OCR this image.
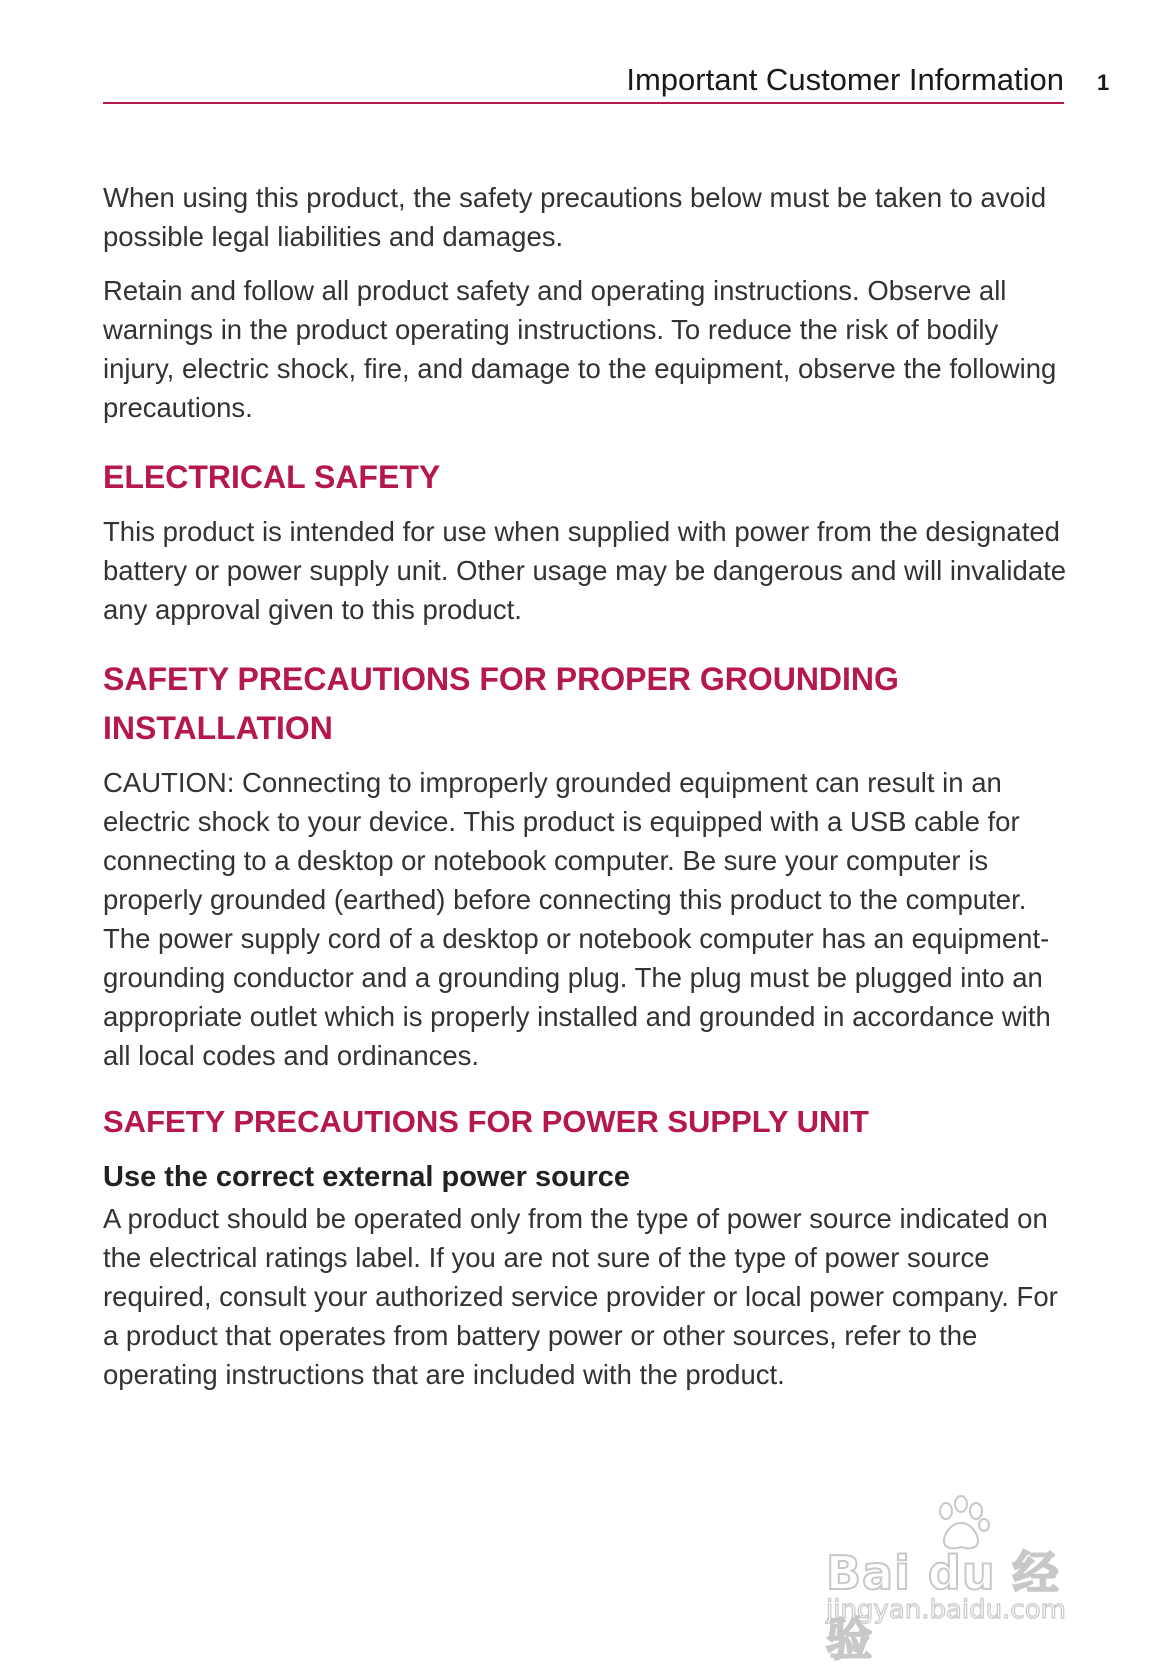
Important Customer Information 1

When using this product, the safety precautions below must be taken to avoid possible legal liabilities and damages.

Retain and follow all product safety and operating instructions. Observe all warnings in the product operating instructions. To reduce the risk of bodily injury, electric shock, fire, and damage to the equipment, observe the following precautions.

ELECTRICAL SAFETY

This product is intended for use when supplied with power from the designated battery or power supply unit. Other usage may be dangerous and will invalidate any approval given to this product.

SAFETY PRECAUTIONS FOR PROPER GROUNDING INSTALLATION

CAUTION: Connecting to improperly grounded equipment can result in an electric shock to your device. This product is equipped with a USB cable for connecting to a desktop or notebook computer. Be sure your computer is properly grounded (earthed) before connecting this product to the computer. The power supply cord of a desktop or notebook computer has an equipment-grounding conductor and a grounding plug. The plug must be plugged into an appropriate outlet which is properly installed and grounded in accordance with all local codes and ordinances.

SAFETY PRECAUTIONS FOR POWER SUPPLY UNIT
Use the correct external power source

A product should be operated only from the type of power source indicated on the electrical ratings label. If you are not sure of the type of power source required, consult your authorized service provider or local power company. For a product that operates from battery power or other sources, refer to the operating instructions that are included with the product.

Bai du 经验
jingyan.baidu.com
